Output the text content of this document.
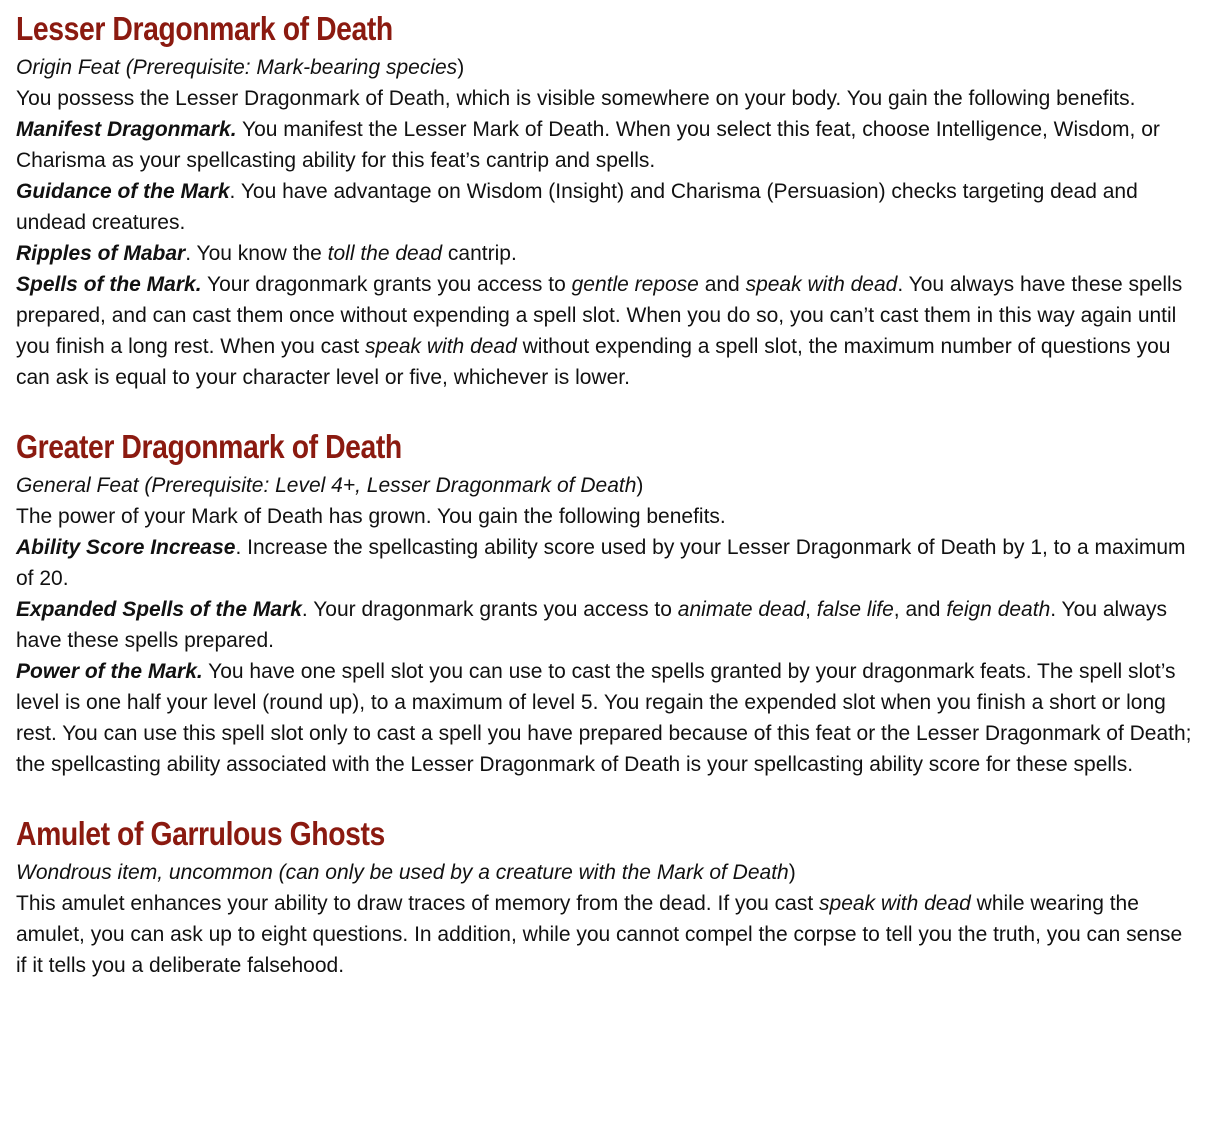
Lesser Dragonmark of Death

Origin Feat (Prerequisite: Mark-bearing species)

You possess the Lesser Dragonmark of Death, which is visible somewhere on your body. You gain the following benefits.

Manifest Dragonmark. You manifest the Lesser Mark of Death. When you select this feat, choose Intelligence, Wisdom, or Charisma as your spellcasting ability for this feat’s cantrip and spells.

Guidance of the Mark. You have advantage on Wisdom (Insight) and Charisma (Persuasion) checks targeting dead and undead creatures.

Ripples of Mabar. You know the toll the dead cantrip.

Spells of the Mark. Your dragonmark grants you access to gentle repose and speak with dead. You always have these spells prepared, and can cast them once without expending a spell slot. When you do so, you can’t cast them in this way again until you finish a long rest. When you cast speak with dead without expending a spell slot, the maximum number of questions you can ask is equal to your character level or five, whichever is lower.

Greater Dragonmark of Death

General Feat (Prerequisite: Level 4+, Lesser Dragonmark of Death)

The power of your Mark of Death has grown. You gain the following benefits.

Ability Score Increase. Increase the spellcasting ability score used by your Lesser Dragonmark of Death by 1, to a maximum of 20.

Expanded Spells of the Mark. Your dragonmark grants you access to animate dead, false life, and feign death. You always have these spells prepared.

Power of the Mark. You have one spell slot you can use to cast the spells granted by your dragonmark feats. The spell slot’s level is one half your level (round up), to a maximum of level 5. You regain the expended slot when you finish a short or long rest. You can use this spell slot only to cast a spell you have prepared because of this feat or the Lesser Dragonmark of Death; the spellcasting ability associated with the Lesser Dragonmark of Death is your spellcasting ability score for these spells.

Amulet of Garrulous Ghosts

Wondrous item, uncommon (can only be used by a creature with the Mark of Death)

This amulet enhances your ability to draw traces of memory from the dead. If you cast speak with dead while wearing the amulet, you can ask up to eight questions. In addition, while you cannot compel the corpse to tell you the truth, you can sense if it tells you a deliberate falsehood.
